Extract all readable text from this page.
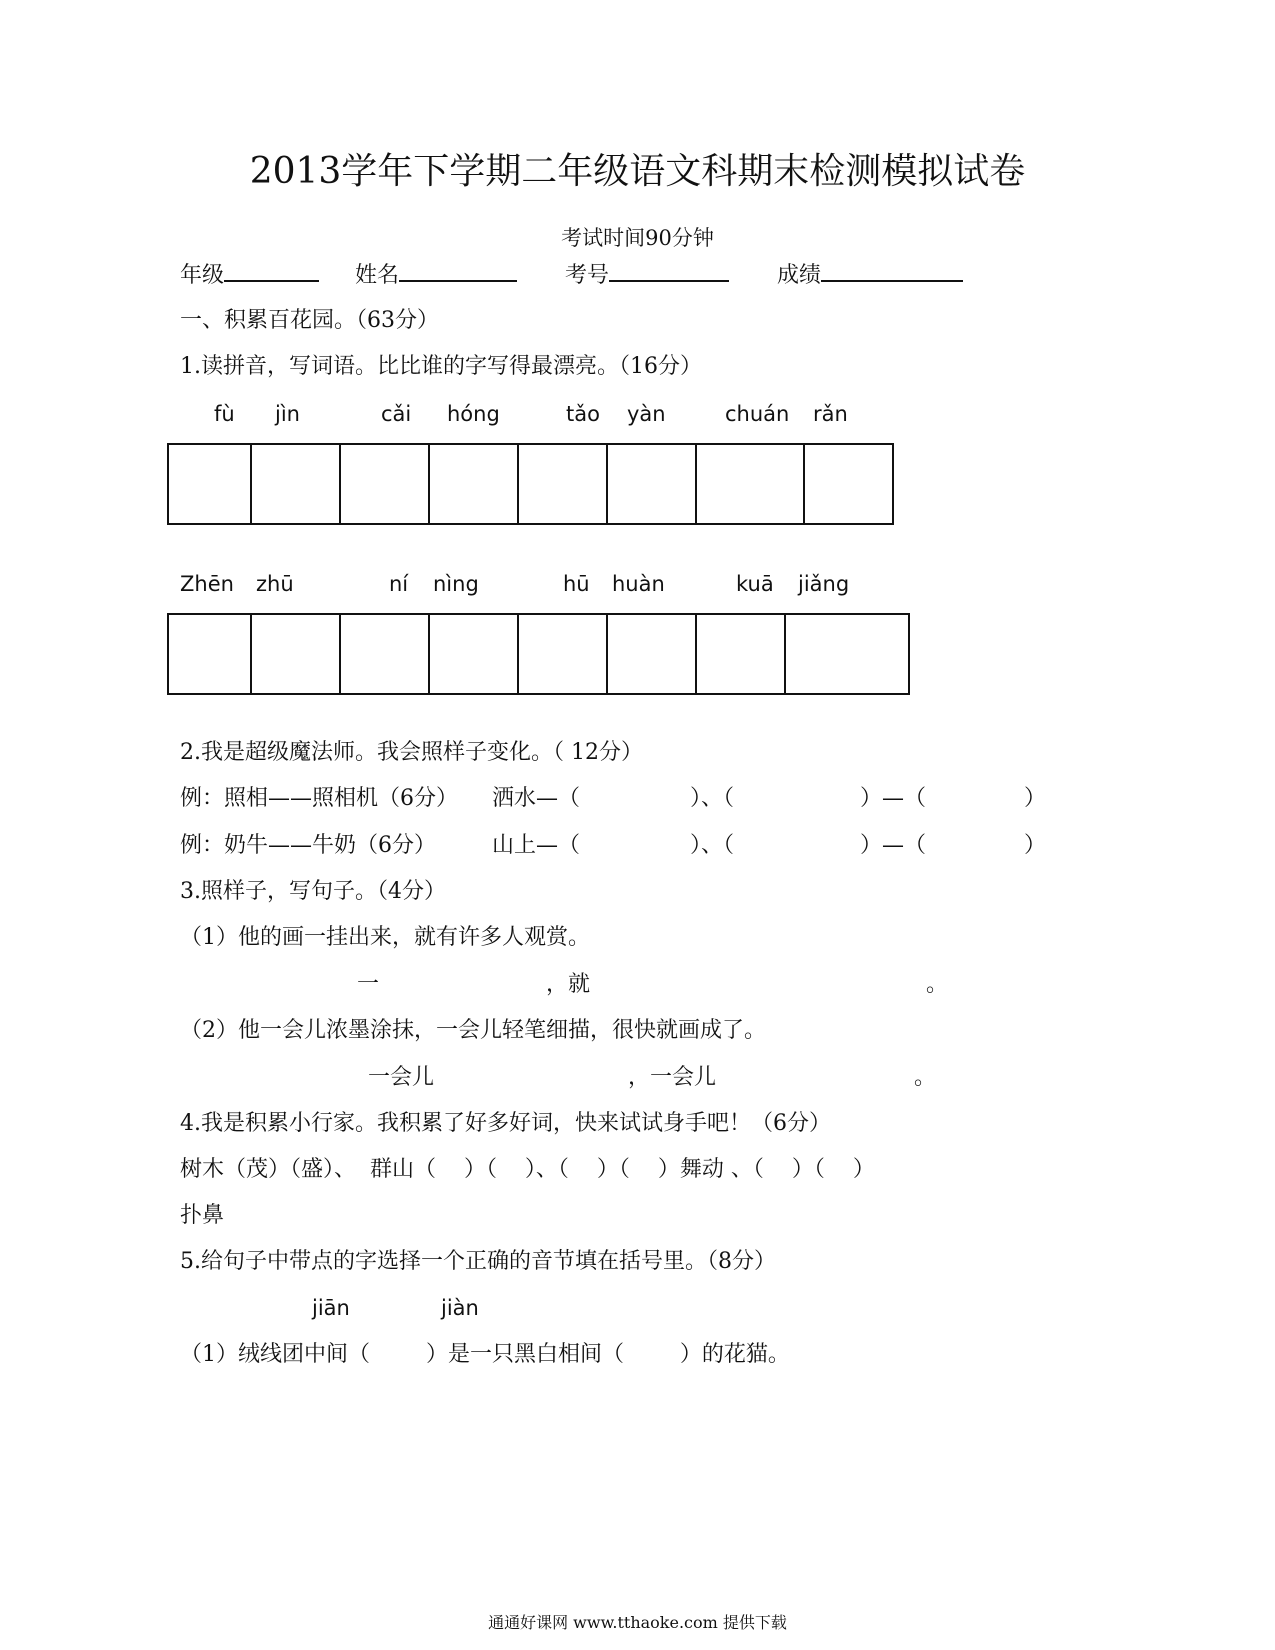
2013学年下学期二年级语文科期末检测模拟试卷
考试时间90分钟
年级	姓名	考号	成绩
一、积累百花园。（63分）
1.读拼音，写词语。比比谁的字写得最漂亮。（16分）
fù jìn	cǎi hóng	tǎo yàn	chuán rǎn

Zhēn zhū	ní nìng	hū huàn	kuā jiǎng

2.我是超级魔法师。我会照样子变化。（ 12分）
例：照相——照相机（6分） 洒水—（	）、（	）—（	）
例：奶牛——牛奶（6分）	山上—（	）、（	）—（	）
3.照样子，写句子。（4分）
（1）他的画一挂出来，就有许多人观赏。
一	，就	。
（2）他一会儿浓墨涂抹，一会儿轻笔细描，很快就画成了。
一会儿	，一会儿	。
4.我是积累小行家。我积累了好多好词，快来试试身手吧！（6分）
树木（茂）（盛）、  群山（    ）（    ）、（    ）（    ）舞动 、（    ）（    ）
扑鼻
5.给句子中带点的字选择一个正确的音节填在括号里。（8分）
jiān	jiàn
（1）绒线团中间（        ）是一只黑白相间（        ）的花猫。
通通好课网 www.tthaoke.com 提供下载
